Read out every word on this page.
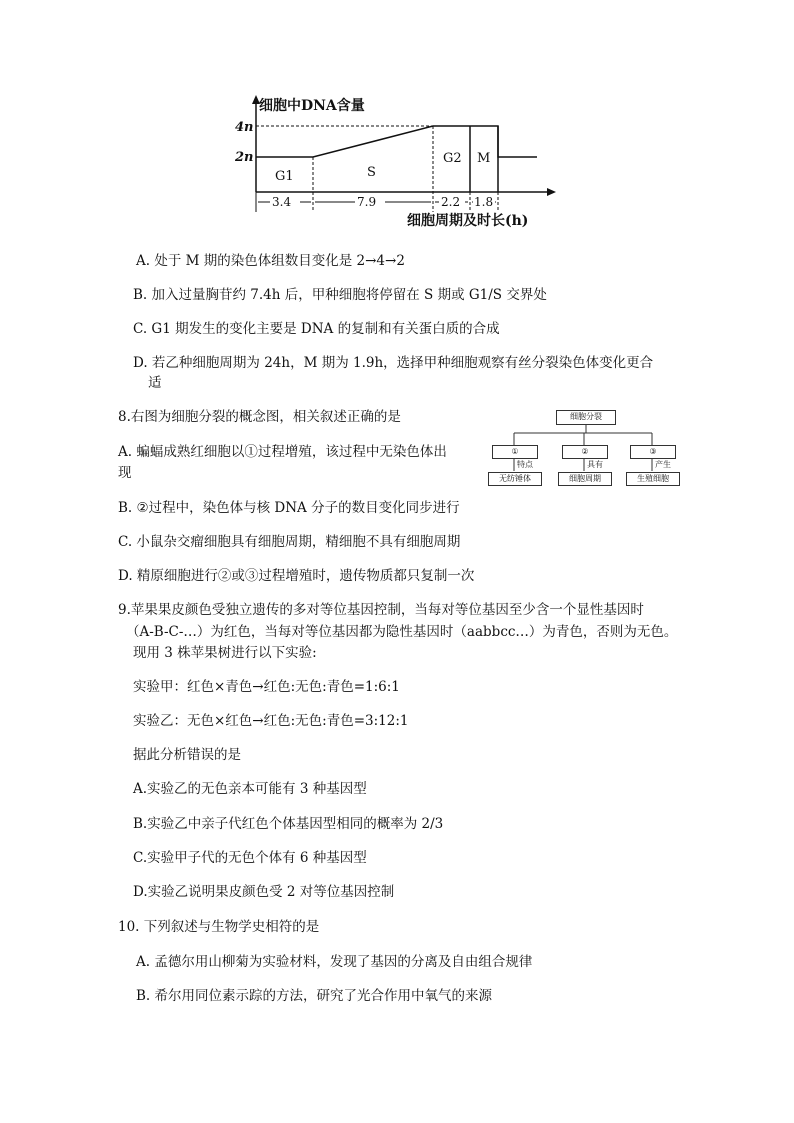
细胞中DNA含量
4n
2n
G1	S
G2 M
3.4	7.9	2.2 1.8
细胞周期及时长(h)
A. 处于 M 期的染色体组数目变化是 2→4→2
B. 加入过量胸苷约 7.4h 后，甲种细胞将停留在 S 期或 G1/S 交界处
C. G1 期发生的变化主要是 DNA 的复制和有关蛋白质的合成
D. 若乙种细胞周期为 24h，M 期为 1.9h，选择甲种细胞观察有丝分裂染色体变化更合
适
8.右图为细胞分裂的概念图，相关叙述正确的是	细胞分裂
①	②	③
特点	具有	产生
无纺锤体	细胞周期	生殖细胞
A. 蝙蝠成熟红细胞以①过程增殖，该过程中无染色体出
现
B. ②过程中，染色体与核 DNA 分子的数目变化同步进行
C. 小鼠杂交瘤细胞具有细胞周期，精细胞不具有细胞周期
D. 精原细胞进行②或③过程增殖时，遗传物质都只复制一次
9.苹果果皮颜色受独立遗传的多对等位基因控制，当每对等位基因至少含一个显性基因时
（A-B-C-…）为红色，当每对等位基因都为隐性基因时（aabbcc…）为青色，否则为无色。
现用 3 株苹果树进行以下实验:
实验甲：红色×青色→红色:无色:青色=1:6:1
实验乙：无色×红色→红色:无色:青色=3:12:1
据此分析错误的是
A.实验乙的无色亲本可能有 3 种基因型
B.实验乙中亲子代红色个体基因型相同的概率为 2/3
C.实验甲子代的无色个体有 6 种基因型
D.实验乙说明果皮颜色受 2 对等位基因控制
10. 下列叙述与生物学史相符的是
A. 孟德尔用山柳菊为实验材料，发现了基因的分离及自由组合规律
B. 希尔用同位素示踪的方法，研究了光合作用中氧气的来源
